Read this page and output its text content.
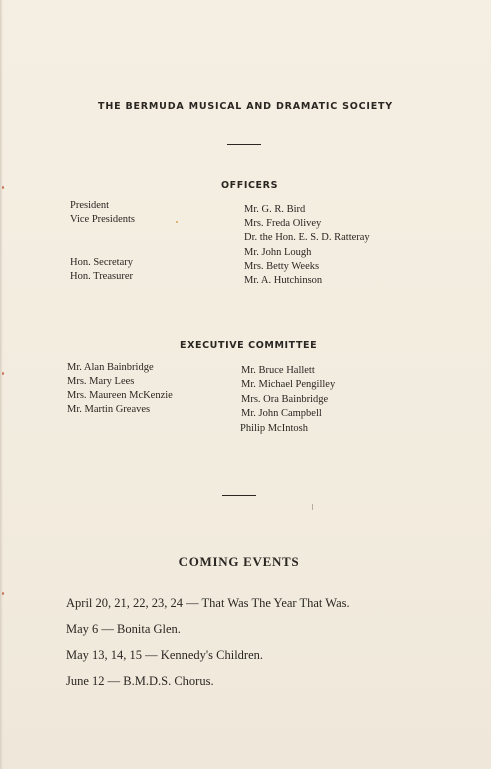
THE BERMUDA MUSICAL AND DRAMATIC SOCIETY
OFFICERS
President
Vice Presidents
Hon. Secretary
Hon. Treasurer
Mr. G. R. Bird
Mrs. Freda Olivey
Dr. the Hon. E. S. D. Ratteray
Mr. John Lough
Mrs. Betty Weeks
Mr. A. Hutchinson
EXECUTIVE COMMITTEE
Mr. Alan Bainbridge
Mrs. Mary Lees
Mrs. Maureen McKenzie
Mr. Martin Greaves
Mr. Bruce Hallett
Mr. Michael Pengilley
Mrs. Ora Bainbridge
Mr. John Campbell
Philip McIntosh
COMING EVENTS
April 20, 21, 22, 23, 24 — That Was The Year That Was.
May 6 — Bonita Glen.
May 13, 14, 15 — Kennedy's Children.
June 12 — B.M.D.S. Chorus.
